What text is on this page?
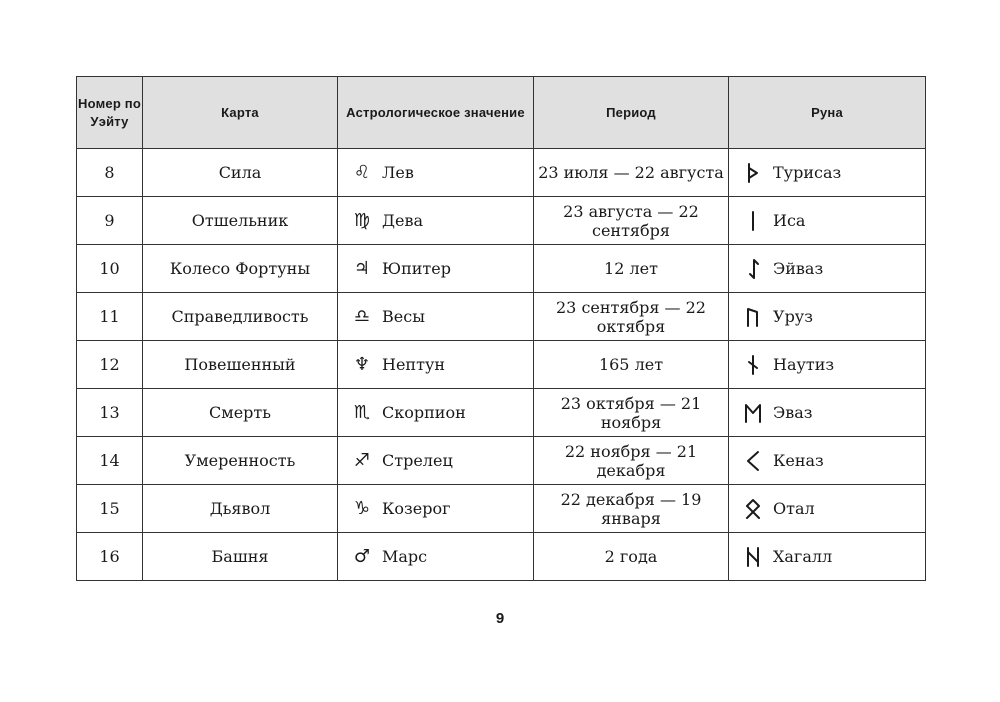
Номер по Уэйту	Карта	Астрологическое значение	Период	Руна
8	Сила	♌ Лев	23 июля — 22 августа	Турисаз

9	Отшельник	♍ Дева	23 августа — 22 сентября	Иса

10	Колесо Фортуны	♃ Юпитер	12 лет	Эйваз

11	Справедливость	♎ Весы	23 сентября — 22 октября	Уруз

12	Повешенный	♆ Нептун	165 лет	Наутиз

13	Смерть	♏ Скорпион	23 октября — 21 ноября	Эваз

14	Умеренность	♐ Стрелец	22 ноября — 21 декабря	Кеназ

15	Дьявол	♑ Козерог	22 декабря — 19 января	Отал

16	Башня	♂ Марс	2 года	Хагалл
9
